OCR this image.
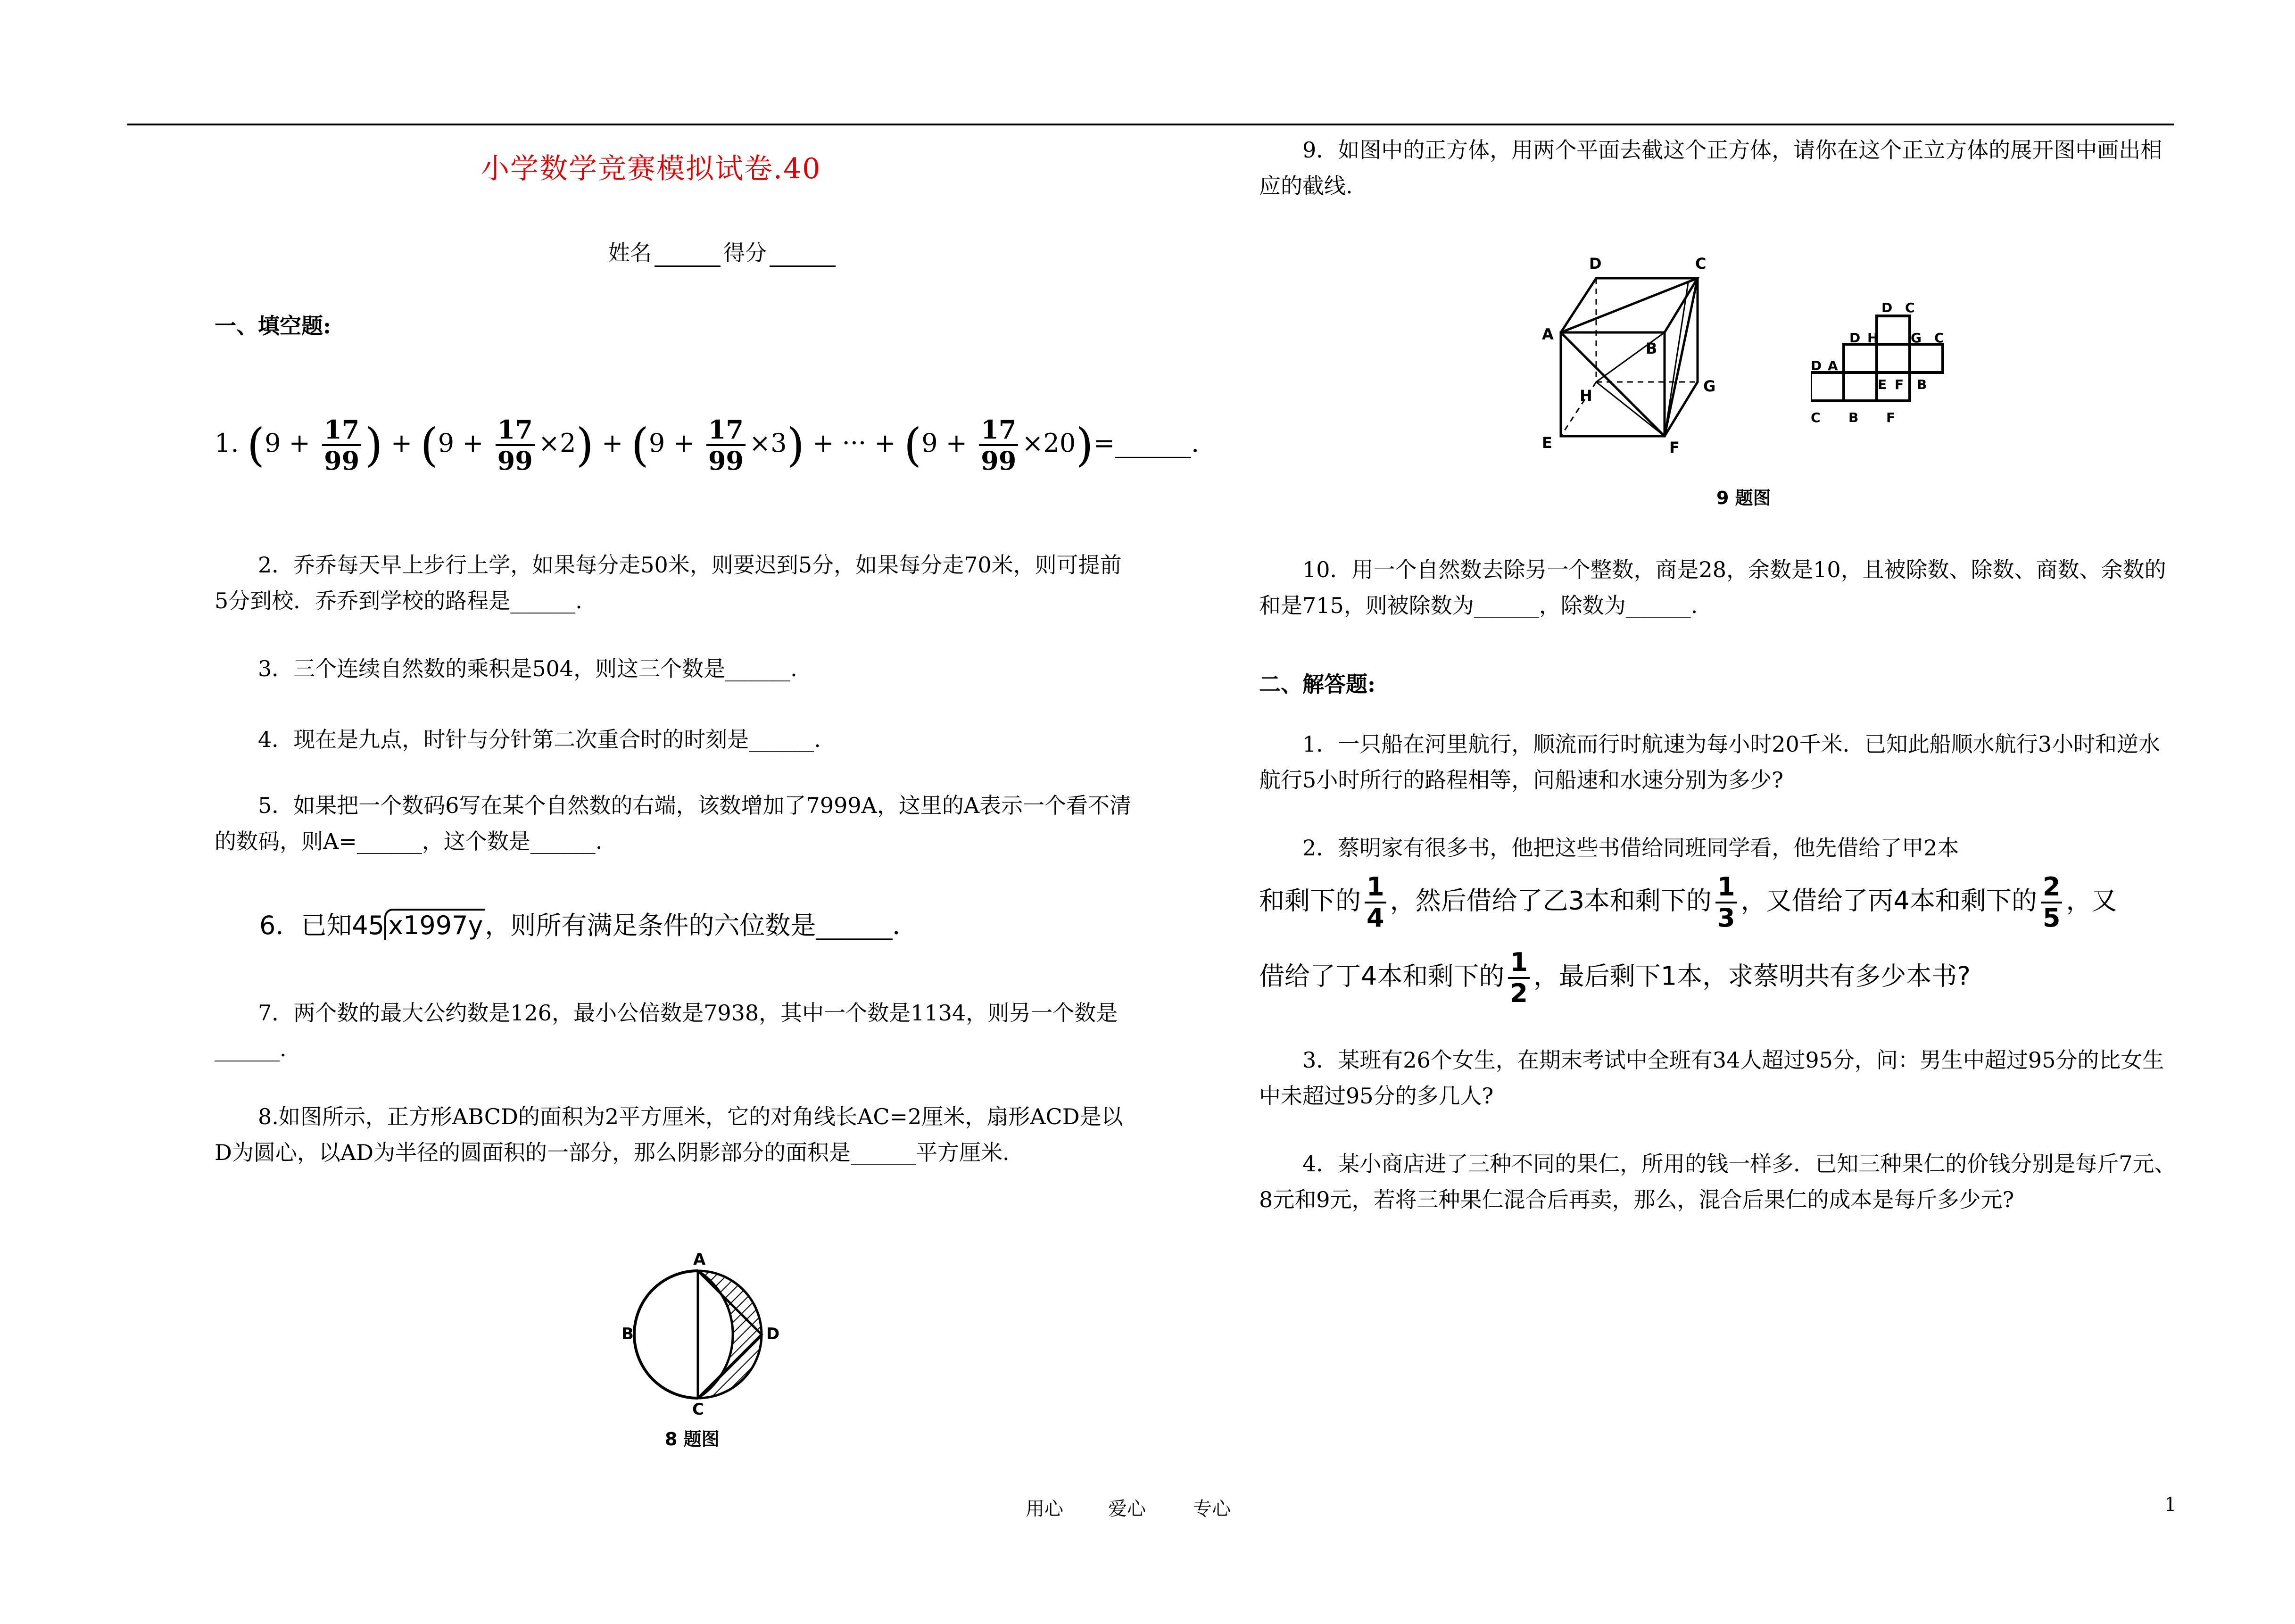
小学数学竞赛模拟试卷.40
姓名	得分
一、填空题:
1. ($9 + \frac{17}{99}$ ) + $(9 + \frac{17}{99} \times 2) + (9 + \frac{17}{99} \times 3)$ + ··· + ($9 + \frac{17}{99}$ ×20)=______.
2．乔乔每天早上步行上学，如果每分走50米，则要迟到5分，如果每分走70米，则可提前5分到校．乔乔到学校的路程是______.
3．三个连续自然数的乘积是504，则这三个数是______.
4．现在是九点，时针与分针第二次重合时的时刻是______.
5．如果把一个数码6写在某个自然数的右端，该数增加了7999A，这里的A表示一个看不清的数码，则A=______，这个数是______.
6．已知45 x1997y，则所有满足条件的六位数是______．
7．两个数的最大公约数是126，最小公倍数是7938，其中一个数是1134，则另一个数是______.
8.如图所示，正方形ABCD的面积为2平方厘米，它的对角线长AC=2厘米，扇形ACD是以D为圆心，以AD为半径的圆面积的一部分，那么阴影部分的面积是______平方厘米.
A
B
C
D
8 题图
9．如图中的正方体，用两个平面去截这个正方体，请你在这个正立方体的展开图中画出相应的截线.
D	C
A
B
H
G
E	F
D C
D H G C
D A
E F B
C B F
9 题图
10．用一个自然数去除另一个整数，商是28，余数是10，且被除数、除数、商数、余数的和是715，则被除数为______，除数为______.
二、解答题:
1．一只船在河里航行，顺流而行时航速为每小时20千米．已知此船顺水航行3小时和逆水航行5小时所行的路程相等，问船速和水速分别为多少?
2．蔡明家有很多书，他把这些书借给同班同学看，他先借给了甲2本
和剩下的 $\frac{1}{4}$ ，然后借给了乙3本和剩下的 $\frac{1}{3}$ ，又借给了丙4本和剩下的 $\frac{2}{5}$ ，又
借给了丁4本和剩下的 $\frac{1}{2}$ ，最后剩下1本，求蔡明共有多少本书?
3．某班有26个女生，在期末考试中全班有34人超过95分，问：男生中超过95分的比女生中未超过95分的多几人?
4．某小商店进了三种不同的果仁，所用的钱一样多．已知三种果仁的价钱分别是每斤7元、8元和9元，若将三种果仁混合后再卖，那么，混合后果仁的成本是每斤多少元?
用心 爱心	专心	1
